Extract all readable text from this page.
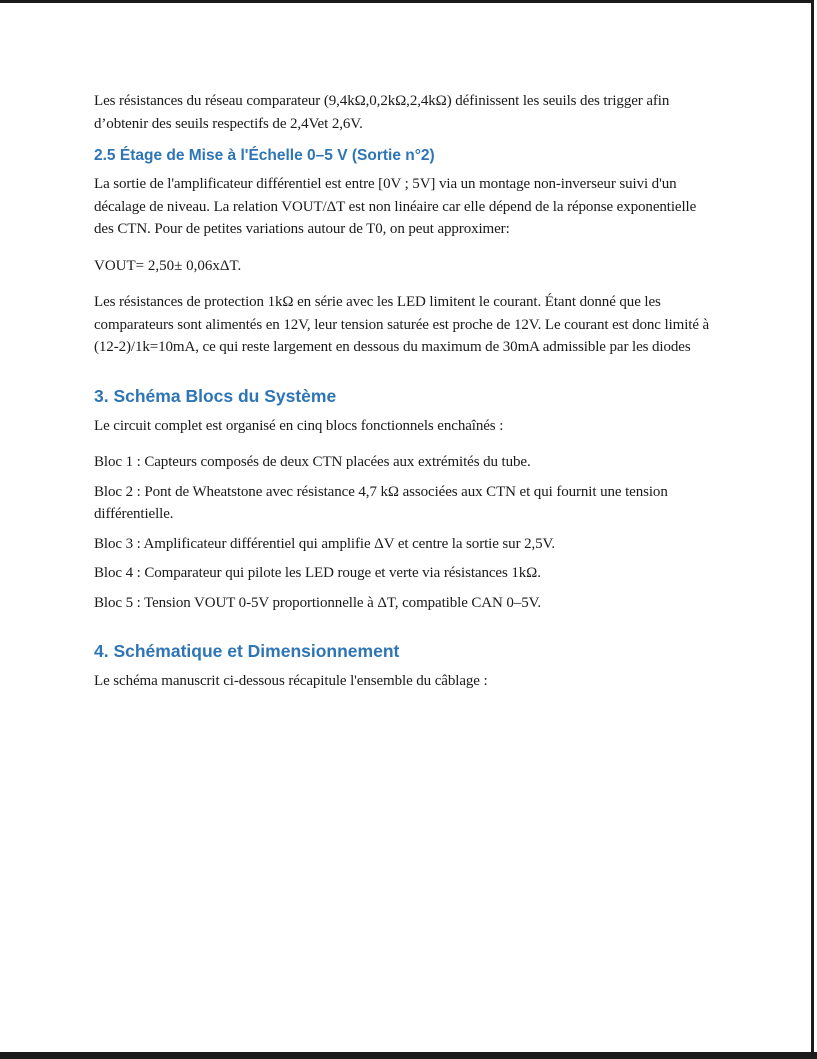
Les résistances du réseau comparateur (9,4kΩ,0,2kΩ,2,4kΩ) définissent les seuils des trigger afin d’obtenir des seuils respectifs de 2,4Vet 2,6V.

2.5 Étage de Mise à l'Échelle 0–5 V (Sortie n°2)

La sortie de l'amplificateur différentiel est entre [0V ; 5V] via un montage non-inverseur suivi d'un décalage de niveau. La relation VOUT/ΔT est non linéaire car elle dépend de la réponse exponentielle des CTN. Pour de petites variations autour de T0, on peut approximer:

VOUT= 2,50± 0,06xΔT.

Les résistances de protection 1kΩ en série avec les LED limitent le courant. Étant donné que les comparateurs sont alimentés en 12V, leur tension saturée est proche de 12V. Le courant est donc limité à (12-2)/1k=10mA, ce qui reste largement en dessous du maximum de 30mA admissible par les diodes

3. Schéma Blocs du Système

Le circuit complet est organisé en cinq blocs fonctionnels enchaînés :

Bloc 1 : Capteurs composés de deux CTN placées aux extrémités du tube.

Bloc 2 : Pont de Wheatstone avec résistance 4,7 kΩ associées aux CTN et qui fournit une tension différentielle.

Bloc 3 : Amplificateur différentiel qui amplifie ΔV et centre la sortie sur 2,5V.

Bloc 4 : Comparateur qui pilote les LED rouge et verte via résistances 1kΩ.

Bloc 5 : Tension VOUT 0-5V proportionnelle à ΔT, compatible CAN 0–5V.

4. Schématique et Dimensionnement

Le schéma manuscrit ci-dessous récapitule l'ensemble du câblage :
